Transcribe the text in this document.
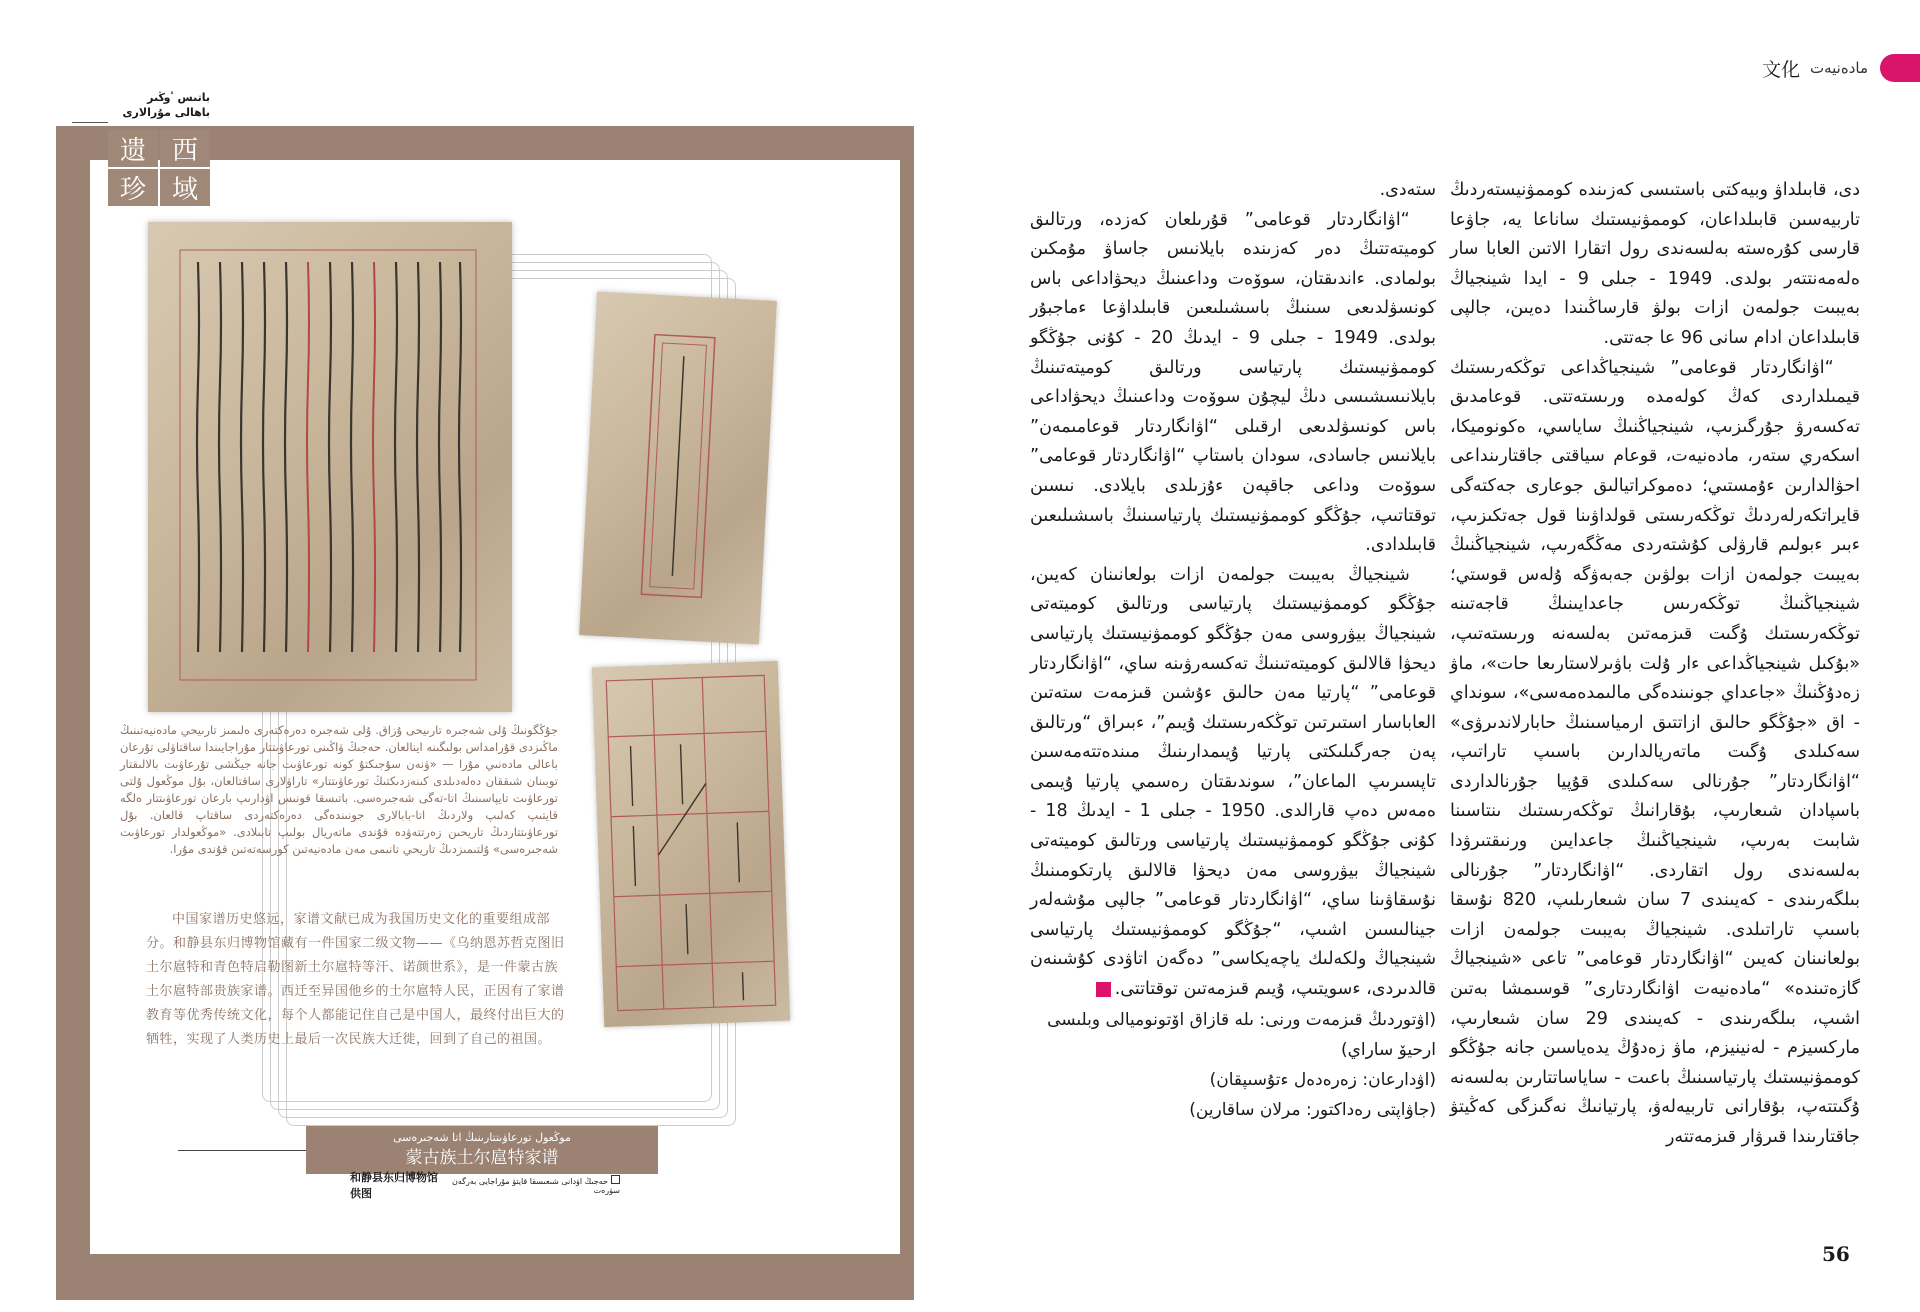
مادەنيەت
文化
باتىس ٴوڭىر
باھالى مۇرالارى
遗 西
珍 域
جۇڭگونىڭ ۇلى شەجىرە تارىيحى ۇزاق. ۇلى شەجىرە دەرەكتەرى ەلىمىز تارىيحي مادەنيەتىنىڭ ماڭىزدى قۇرامداس بولىگىنە اينالعان. حەجىڭ ۋاڭىنى تورعاۋىتتار مۇراجايىندا ساقتاۋلى تۇرعان باعالى مادەنىي مۇرا — «ۋنەن سۇجىكتۇ كونە تورعاۋىت جانە جيڭشى تۇرعاۋىت بالالىقتار توبىنان شىققان دەلەدىلدى كىنەزدىكتىڭ تورعاۋىتتار» تاراۋلارى ساقتالعان، بۇل موڭعول ۇلتى تورعاۋىت تايپاسىنىڭ اتا-تەگى شەجىرەسى. باتىسقا قونىس اۋدارىپ بارعان تورعاۋىتتار ەلگە قايتىپ كەلىپ ولاردىڭ اتا-بابالارى جونىندەگى دەرەكتەردى ساقتاپ قالعان. بۇل تورعاۋىتتاردىڭ تاريحىن زەرتتەۋدە قۇندى ماتەريال بولىپ تابىلادى. «موڭعولدار تورعاۋىت شەجىرەسى» ۇلتىمىزدىڭ تاريحي تانىمى مەن مادەنيەتىن كورسەتەتىن قۇندى مۇرا.
中国家谱历史悠远，家谱文献已成为我国历史文化的重要组成部分。和静县东归博物馆藏有一件国家二级文物——《乌纳恩苏哲克图旧土尔扈特和青色特启勒图新土尔扈特等汗、诺颜世系》，是一件蒙古族土尔扈特部贵族家谱。西迁至异国他乡的土尔扈特人民，正因有了家谱教育等优秀传统文化，每个人都能记住自己是中国人，最终付出巨大的牺牲，实现了人类历史上最后一次民族大迁徙，回到了自己的祖国。
موڭعول تورعاۋىتتارىنىڭ اتا شەجىرەسى
蒙古族土尔扈特家谱
和静县东归博物馆供图
حەجىڭ اۋدانى شىعىسقا قايتۋ مۇراجايى بەرگەن سۋرەت

ستەدى.

“اۋانگاردتار قوعامى” قۇرىلعان كەزدە، ورتالىق كوميتەتتىڭ دەر كەزىندە بايلانىس جاساۋ مۇمكىن بولمادى. ءاندىقتان، سوۆەت وداعىنىڭ ديحۋاداعى باس كونسۋلدىعى سىنىڭ باسشىلىعىن قابىلداۋعا ءماجبۇر بولدى. 1949 - جىلى 9 - ايدىڭ 20 - كۇنى جۇڭگو كوممۋنيستىك پارتياسى ورتالىق كوميتەتىنىڭ بايلانىسشىسى دىڭ ليچۇن سوۆەت وداعىنىڭ ديحۋاداعى باس كونسۋلدىعى ارقىلى “اۋانگاردتار قوعامىمەن” بايلانىس جاسادى، سودان باستاپ “اۋانگاردتار قوعامى” سوۆەت وداعى جاقپەن ءۇزىلدى بايلادى. نىسىن توقتاتىپ، جۇڭگو كوممۋنيستىك پارتياسىنىڭ باسشىلىعىن قابىلدادى.

شينجياڭ بەيبىت جولمەن ازات بولعانىنان كەيىن، جۇڭگو كوممۋنيستىك پارتياسى ورتالىق كوميتەتى شينجياڭ بيۋروسى مەن جۇڭگو كوممۋنيستىك پارتياسى ديحۋا قالالىق كوميتەتىنىڭ تەكسەرۋىنە ساي، “اۋانگاردتار قوعامى” “پارتيا مەن حالىق ءۇشىن قىزمەت ستەتىن العاباسار استىرتىن توڭكەرىستىك ۇيىم”، ءبىراق “ورتالىق پەن جەرگىلىكتى پارتيا ۇيىمدارىنىڭ مىندەتتەمەسىن تاپسىرىپ الماعان”، سوندىقتان رەسمي پارتيا ۇيىمى ەمەس دەپ قارالدى. 1950 - جىلى 1 - ايدىڭ 18 - كۇنى جۇڭگو كوممۋنيستىك پارتياسى ورتالىق كوميتەتى شينجياڭ بيۋروسى مەن ديحۋا قالالىق پارتكومىنىڭ نۇسقاۋىنا ساي، “اۋانگاردتار قوعامى” جالپى مۇشەلەر جينالىسىن اشىپ، “جۇڭگو كوممۋنيستىك پارتياسى شينجياڭ ولكەلىك ياچەيكاسى” دەگەن اتاۋدى كۇشىنەن قالدىردى، ءسويتىپ، ۇيىم قىزمەتىن توقتاتتى.

(اۋتوردىڭ قىزمەت ورنى: ىلە قازاق اۆتونوميالى وبلىسى ارحيۆ ساراي)

(اۋدارعان: زەرەدەل ءتۇسىپقان)

(جاۋاپتى رەداكتور: مرلان ساقارين)

دى، قابىلداۋ وبيەكتى باستىسى كەزىندە كوممۋنيستەردىڭ تاربيەسىن قابىلداعان، كوممۋنيستىك ساناعا يە، جاۋعا قارسى كۇرەستە بەلسەندى رول اتقارا الاتىن العابا سار ەلەمەنتتەر بولدى. 1949 - جىلى 9 - ايدا شينجياڭ بەيبىت جولمەن ازات بولۋ قارساڭىندا دەيىن، جالپى قابىلداعان ادام سانى 96 عا جەتتى.

“اۋانگاردتار قوعامى” شينجياڭداعى توڭكەرىستىك قيمىلداردى كەڭ كولەمدە ورىستەتتى. قوعامدىق تەكسەرۋ جۇرگىزىپ، شينجياڭنىڭ ساياسي، ەكونوميكا، اسكەري ستەر، مادەنيەت، قوعام سياقتى جاقتارىنداعى احۋالدارىن ءۇمستىي؛ دەموكراتيالىق جوعارى جەكتەگى قايراتكەرلەردىڭ توڭكەرىستى قولداۋىنا قول جەتكىزىپ، ءبىر ءبولىم قارۋلى كۇشتەردى مەڭگەرىپ، شينجياڭنىڭ بەيبىت جولمەن ازات بولۋىن جەبەۋگە ۇلەس قوستي؛ شينجياڭنىڭ توڭكەرىس جاعدايىنىڭ قاجەتىنە توڭكەرىستىك ۇگىت قىزمەتىن بەلسەنە ورىستەتىپ، «بۇكىل شينجياڭداعى ءار ۇلت باۋىرلاستارىعا حات»، ماۋ زەدۇڭنىڭ «جاعداي جونىندەگى مالىمدەمەسى»، سونداي - اق «جۇڭگو حالىق ازاتتىق ارمياسىنىڭ حابارلاندىرۋى» سەكىلدى ۇگىت ماتەريالدارىن باسىپ تاراتىپ، “اۋانگاردتار” جۇرنالى سەكىلدى قۇپيا جۇرنالداردى باسپادان شىعارىپ، بۇقارانىڭ توڭكەرىستىك ىنتاسىنا شابىت بەرىپ، شينجياڭنىڭ جاعدايىن ورنىقتىرۋدا بەلسەندى رول اتقاردى. “اۋانگاردتار” جۇرنالى بىلگەرىندى - كەيىندى 7 سان شىعارىلىپ، 820 نۇسقا باسىپ تاراتىلدى. شينجياڭ بەيبىت جولمەن ازات بولعانىنان كەيىن “اۋانگاردتار قوعامى” تاعى «شينجياڭ گازەتىندە» “مادەنيەت اۋانگاردتارى” قوسىمشا بەتىن اشىپ، بىلگەرىندى - كەيىندى 29 سان شىعارىپ، ماركسيزم - لەنينيزم، ماۋ زەدۇڭ يدەياسىن جانە جۇڭگو كوممۋنيستىك پارتياسىنىڭ باعىت - ساياساتتارىن بەلسەنە ۇگىتتەپ، بۇقارانى تاربيەلەۋ، پارتيانىڭ نەگىزگى كەڭيتۋ جاقتارىندا قىرۋار قىزمەتتەر

56
